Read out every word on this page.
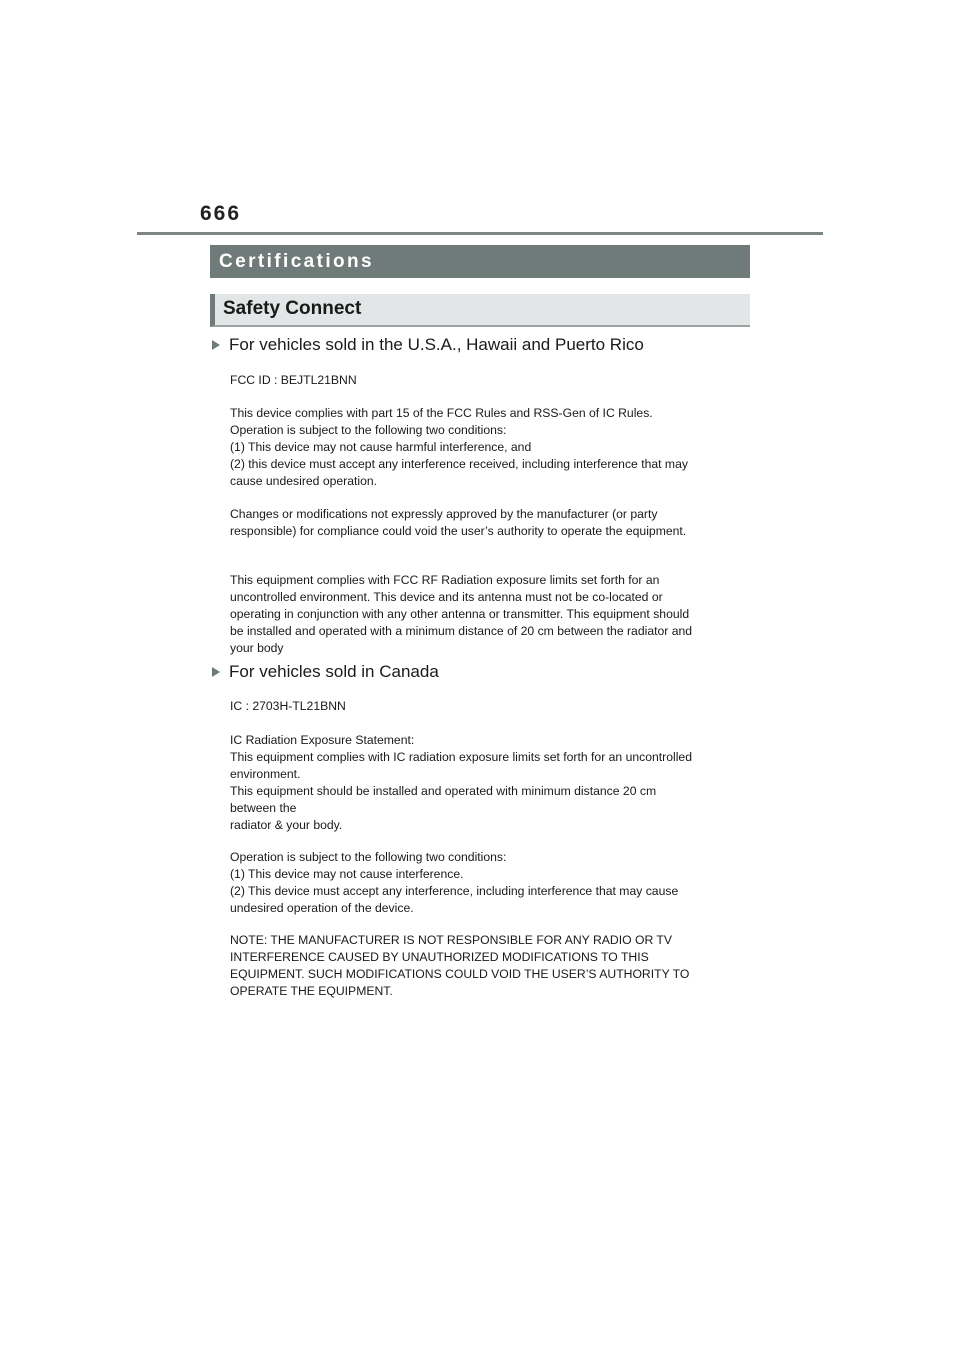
666
Certifications
Safety Connect
For vehicles sold in the U.S.A., Hawaii and Puerto Rico

FCC ID : BEJTL21BNN

This device complies with part 15 of the FCC Rules and RSS-Gen of IC Rules.

Operation is subject to the following two conditions:

(1) This device may not cause harmful interference, and

(2) this device must accept any interference received, including interference that may

cause undesired operation.

Changes or modifications not expressly approved by the manufacturer (or party

responsible) for compliance could void the user’s authority to operate the equipment.

This equipment complies with FCC RF Radiation exposure limits set forth for an

uncontrolled environment. This device and its antenna must not be co-located or

operating in conjunction with any other antenna or transmitter. This equipment should

be installed and operated with a minimum distance of 20 cm between the radiator and

your body

For vehicles sold in Canada

IC : 2703H-TL21BNN

IC Radiation Exposure Statement:

This equipment complies with IC radiation exposure limits set forth for an uncontrolled

environment.

This equipment should be installed and operated with minimum distance 20 cm

between the

radiator & your body.

Operation is subject to the following two conditions:

(1) This device may not cause interference.

(2) This device must accept any interference, including interference that may cause

undesired operation of the device.

NOTE: THE MANUFACTURER IS NOT RESPONSIBLE FOR ANY RADIO OR TV

INTERFERENCE CAUSED BY UNAUTHORIZED MODIFICATIONS TO THIS

EQUIPMENT. SUCH MODIFICATIONS COULD VOID THE USER’S AUTHORITY TO

OPERATE THE EQUIPMENT.
